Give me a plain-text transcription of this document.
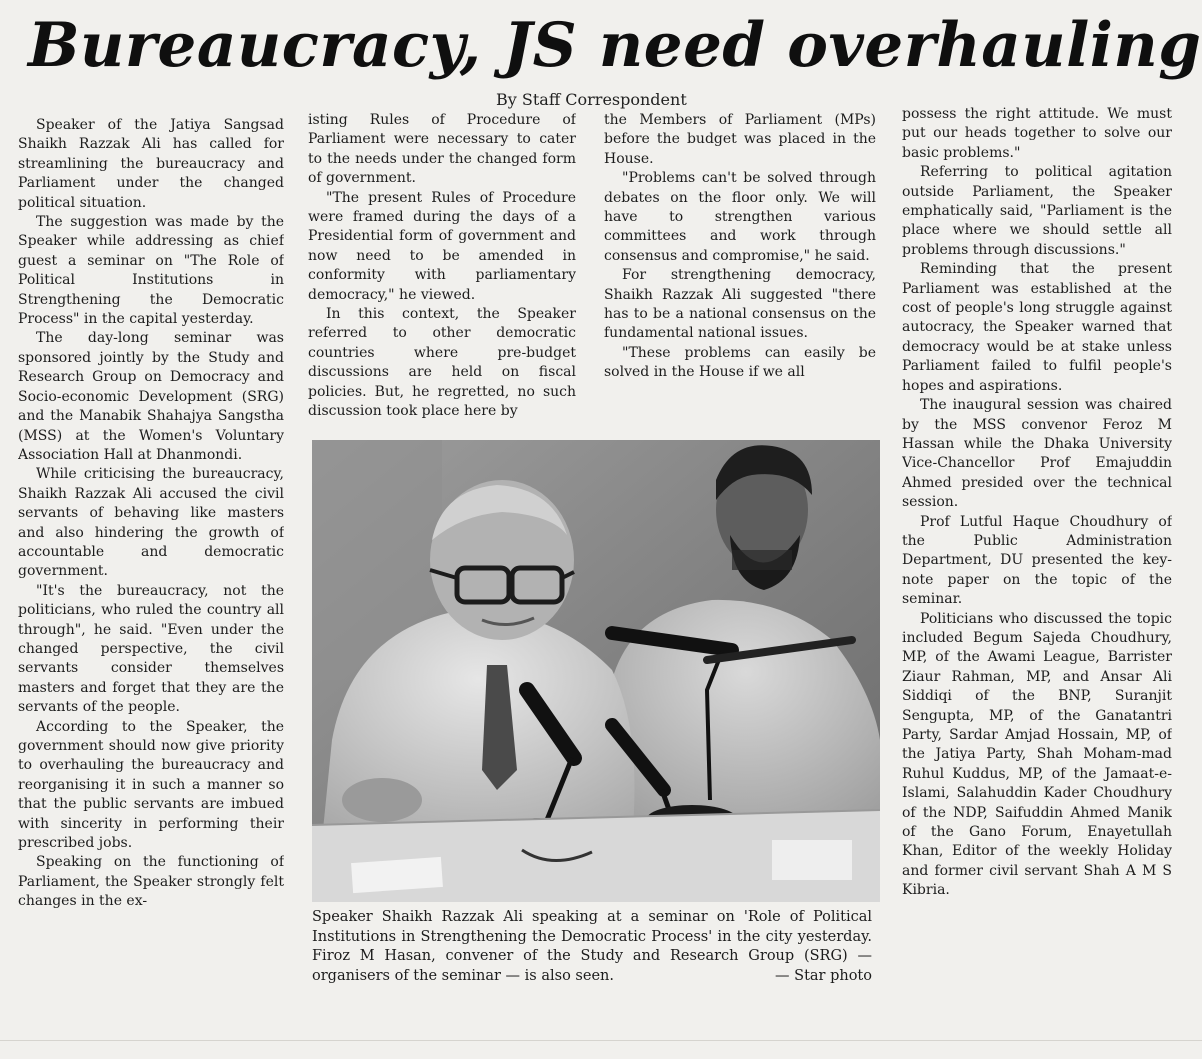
Bureaucracy, JS need overhauling
By Staff Correspondent

Speaker of the Jatiya Sangsad Shaikh Razzak Ali has called for streamlining the bureaucracy and Parliament under the changed political situation.

The suggestion was made by the Speaker while addressing as chief guest a seminar on "The Role of Political Institutions in Strengthening the Democratic Process" in the capital yesterday.

The day-long seminar was sponsored jointly by the Study and Research Group on Democracy and Socio-economic Development (SRG) and the Manabik Shahajya Sangstha (MSS) at the Women's Voluntary Association Hall at Dhanmondi.

While criticising the bureaucracy, Shaikh Razzak Ali accused the civil servants of behaving like masters and also hindering the growth of accountable and democratic government.

"It's the bureaucracy, not the politicians, who ruled the country all through", he said. "Even under the changed perspective, the civil servants consider themselves masters and forget that they are the servants of the people.

According to the Speaker, the government should now give priority to overhauling the bureaucracy and reorganising it in such a manner so that the public servants are imbued with sincerity in performing their prescribed jobs.

Speaking on the functioning of Parliament, the Speaker strongly felt changes in the ex-

isting Rules of Procedure of Parliament were necessary to cater to the needs under the changed form of government.

"The present Rules of Procedure were framed during the days of a Presidential form of government and now need to be amended in conformity with parliamentary democracy," he viewed.

In this context, the Speaker referred to other democratic countries where pre-budget discussions are held on fiscal policies. But, he regretted, no such discussion took place here by

the Members of Parliament (MPs) before the budget was placed in the House.

"Problems can't be solved through debates on the floor only. We will have to strengthen various committees and work through consensus and compromise," he said.

For strengthening democracy, Shaikh Razzak Ali suggested "there has to be a national consensus on the fundamental national issues.

"These problems can easily be solved in the House if we all

possess the right attitude. We must put our heads together to solve our basic problems."

Referring to political agitation outside Parliament, the Speaker emphatically said, "Parliament is the place where we should settle all problems through discussions."

Reminding that the present Parliament was established at the cost of people's long struggle against autocracy, the Speaker warned that democracy would be at stake unless Parliament failed to fulfil people's hopes and aspirations.

The inaugural session was chaired by the MSS convenor Feroz M Hassan while the Dhaka University Vice-Chancellor Prof Emajuddin Ahmed presided over the technical session.

Prof Lutful Haque Choudhury of the Public Administration Department, DU presented the key-note paper on the topic of the seminar.

Politicians who discussed the topic included Begum Sajeda Choudhury, MP, of the Awami League, Barrister Ziaur Rahman, MP, and Ansar Ali Siddiqi of the BNP, Suranjit Sengupta, MP, of the Ganatantri Party, Sardar Amjad Hossain, MP, of the Jatiya Party, Shah Moham-mad Ruhul Kuddus, MP, of the Jamaat-e-Islami, Salahuddin Kader Choudhury of the NDP, Saifuddin Ahmed Manik of the Gano Forum, Enayetullah Khan, Editor of the weekly Holiday and former civil servant Shah A M S Kibria.

Speaker Shaikh Razzak Ali speaking at a seminar on 'Role of Political Institutions in Strengthening the Democratic Process' in the city yesterday. Firoz M Hasan, convener of the Study and Research Group (SRG) — organisers of the seminar — is also seen.	— Star photo
